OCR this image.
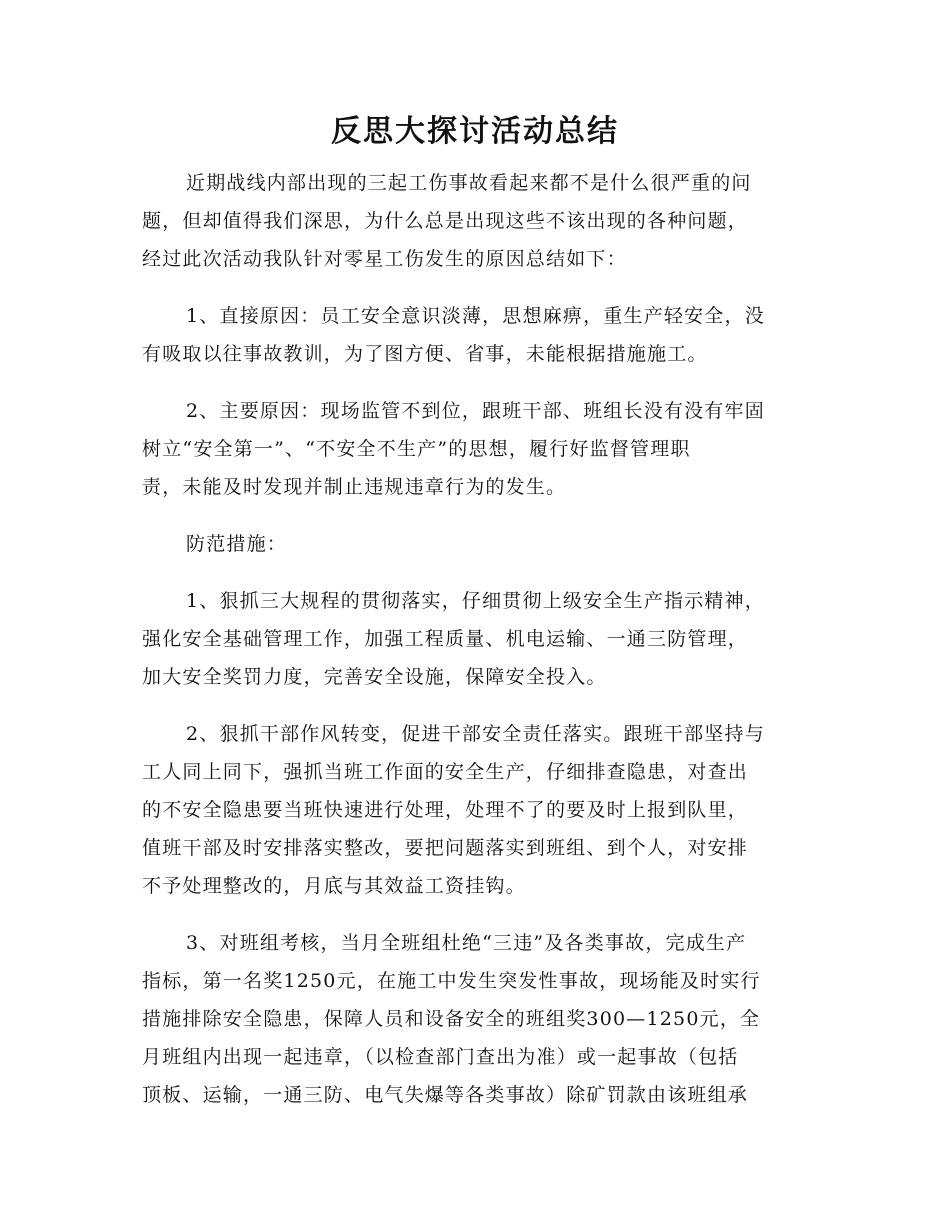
反思大探讨活动总结

近期战线内部出现的三起工伤事故看起来都不是什么很严重的问
题，但却值得我们深思，为什么总是出现这些不该出现的各种问题，
经过此次活动我队针对零星工伤发生的原因总结如下：

1、直接原因：员工安全意识淡薄，思想麻痹，重生产轻安全，没
有吸取以往事故教训，为了图方便、省事，未能根据措施施工。

2、主要原因：现场监管不到位，跟班干部、班组长没有没有牢固
树立“安全第一”、“不安全不生产”的思想，履行好监督管理职
责，未能及时发现并制止违规违章行为的发生。

防范措施：

1、狠抓三大规程的贯彻落实，仔细贯彻上级安全生产指示精神，
强化安全基础管理工作，加强工程质量、机电运输、一通三防管理，
加大安全奖罚力度，完善安全设施，保障安全投入。

2、狠抓干部作风转变，促进干部安全责任落实。跟班干部坚持与
工人同上同下，强抓当班工作面的安全生产，仔细排查隐患，对查出
的不安全隐患要当班快速进行处理，处理不了的要及时上报到队里，
值班干部及时安排落实整改，要把问题落实到班组、到个人，对安排
不予处理整改的，月底与其效益工资挂钩。

3、对班组考核，当月全班组杜绝“三违”及各类事故，完成生产
指标，第一名奖1250元，在施工中发生突发性事故，现场能及时实行
措施排除安全隐患，保障人员和设备安全的班组奖300—1250元，全
月班组内出现一起违章，（以检查部门查出为准）或一起事故（包括
顶板、运输，一通三防、电气失爆等各类事故）除矿罚款由该班组承
